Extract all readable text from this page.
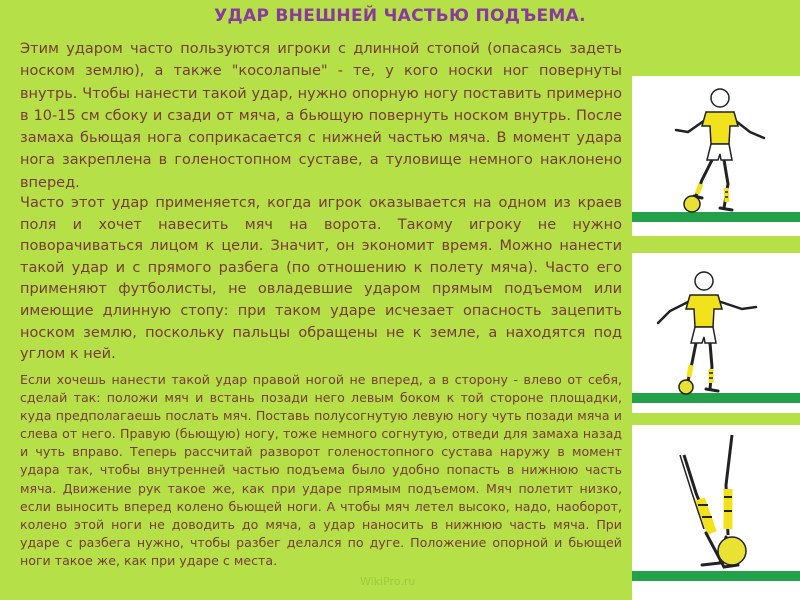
УДАР ВНЕШНЕЙ ЧАСТЬЮ ПОДЪЕМА.

Этим ударом часто пользуются игроки с длинной стопой (опасаясь задеть носком землю), а также "косолапые" - те, у кого носки ног повернуты внутрь. Чтобы нанести такой удар, нужно опорную ногу поставить примерно в 10-15 см сбоку и сзади от мяча, а бьющую повернуть носком внутрь. После замаха бьющая нога соприкасается с нижней частью мяча. В момент удара нога закреплена в голеностопном суставе, а туловище немного наклонено вперед.

Часто этот удар применяется, когда игрок оказывается на одном из краев поля и хочет навесить мяч на ворота. Такому игроку не нужно поворачиваться лицом к цели. Значит, он экономит время. Можно нанести такой удар и с прямого разбега (по отношению к полету мяча). Часто его применяют футболисты, не овладевшие ударом прямым подъемом или имеющие длинную стопу: при таком ударе исчезает опасность зацепить носком землю, поскольку пальцы обращены не к земле, а находятся под углом к ней.

Если хочешь нанести такой удар правой ногой не вперед, а в сторону - влево от себя, сделай так: положи мяч и встань позади него левым боком к той стороне площадки, куда предполагаешь послать мяч. Поставь полусогнутую левую ногу чуть позади мяча и слева от него. Правую (бьющую) ногу, тоже немного согнутую, отведи для замаха назад и чуть вправо. Теперь рассчитай разворот голеностопного сустава наружу в момент удара так, чтобы внутренней частью подъема было удобно попасть в нижнюю часть мяча. Движение рук такое же, как при ударе прямым подъемом. Мяч полетит низко, если выносить вперед колено бьющей ноги. А чтобы мяч летел высоко, надо, наоборот, колено этой ноги не доводить до мяча, а удар наносить в нижнюю часть мяча. При ударе с разбега нужно, чтобы разбег делался по дуге. Положение опорной и бьющей ноги такое же, как при ударе с места.

WikiPro.ru
